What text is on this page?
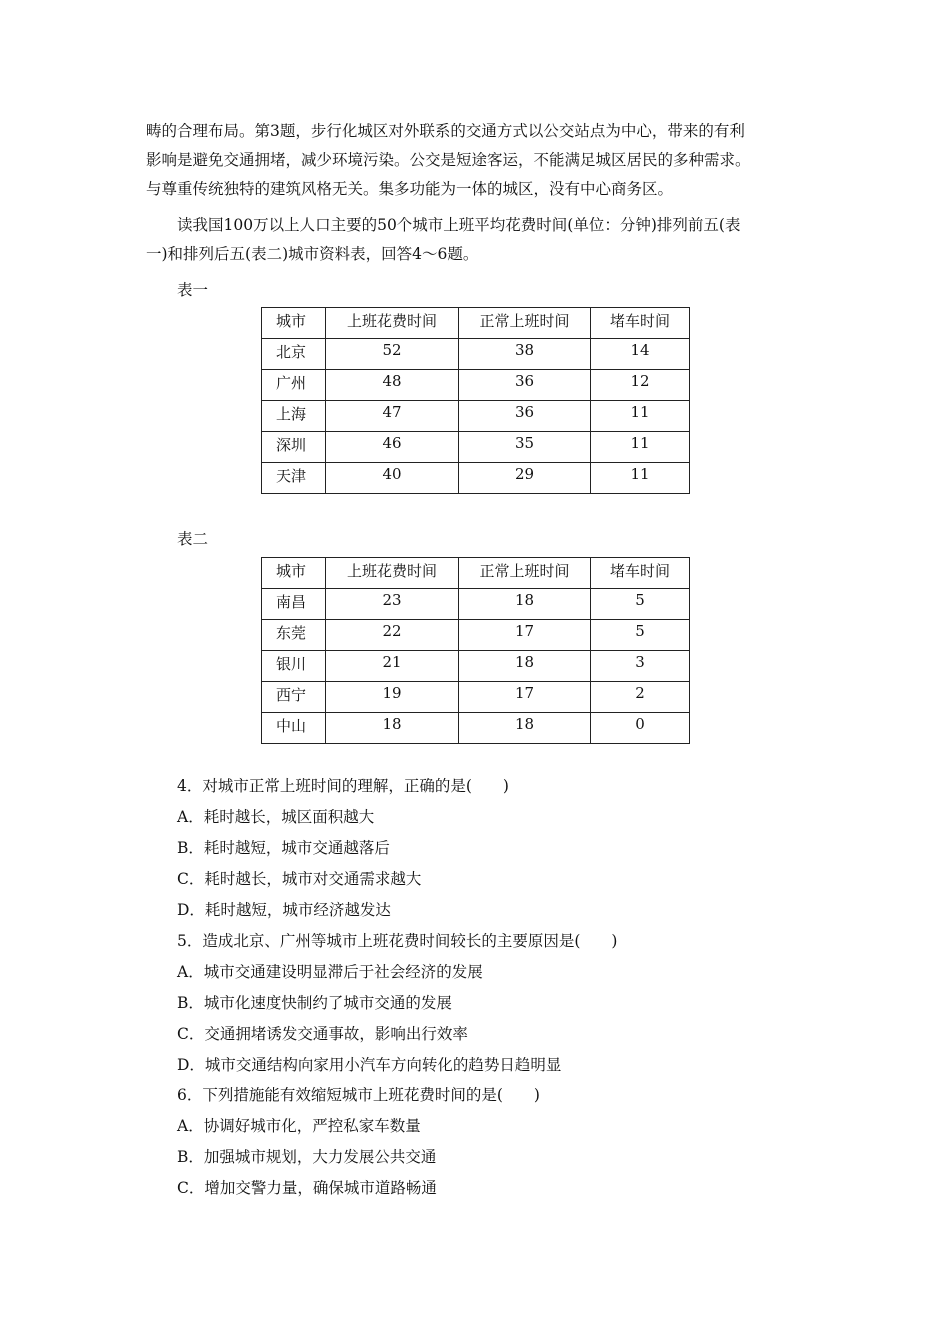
畴的合理布局。第3题，步行化城区对外联系的交通方式以公交站点为中心，带来的有利
影响是避免交通拥堵，减少环境污染。公交是短途客运，不能满足城区居民的多种需求。
与尊重传统独特的建筑风格无关。集多功能为一体的城区，没有中心商务区。

读我国100万以上人口主要的50个城市上班平均花费时间(单位：分钟)排列前五(表
一)和排列后五(表二)城市资料表，回答4～6题。

表一

城市	上班花费时间	正常上班时间	堵车时间
北京	52	38	14
广州	48	36	12
上海	47	36	11
深圳	46	35	11
天津	40	29	11

表二

城市	上班花费时间	正常上班时间	堵车时间
南昌	23	18	5
东莞	22	17	5
银川	21	18	3
西宁	19	17	2
中山	18	18	0

4．对城市正常上班时间的理解，正确的是(　　)

A．耗时越长，城区面积越大

B．耗时越短，城市交通越落后

C．耗时越长，城市对交通需求越大

D．耗时越短，城市经济越发达

5．造成北京、广州等城市上班花费时间较长的主要原因是(　　)

A．城市交通建设明显滞后于社会经济的发展

B．城市化速度快制约了城市交通的发展

C．交通拥堵诱发交通事故，影响出行效率

D．城市交通结构向家用小汽车方向转化的趋势日趋明显

6．下列措施能有效缩短城市上班花费时间的是(　　)

A．协调好城市化，严控私家车数量

B．加强城市规划，大力发展公共交通

C．增加交警力量，确保城市道路畅通
